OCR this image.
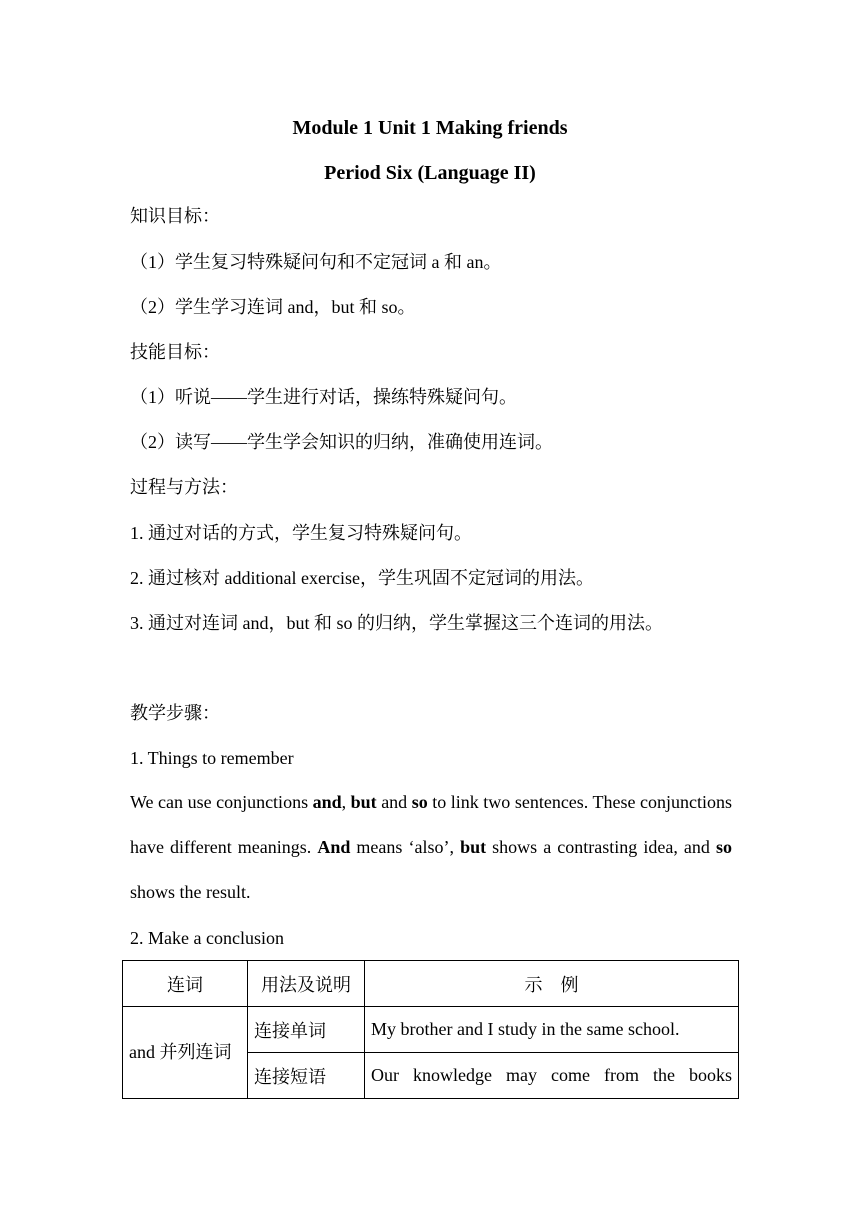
Module 1 Unit 1 Making friends
Period Six (Language II)
知识目标：
（1）学生复习特殊疑问句和不定冠词 a 和 an。
（2）学生学习连词 and，but 和 so。
技能目标：
（1）听说——学生进行对话，操练特殊疑问句。
（2）读写——学生学会知识的归纳，准确使用连词。
过程与方法：
1. 通过对话的方式，学生复习特殊疑问句。
2. 通过核对 additional exercise，学生巩固不定冠词的用法。
3. 通过对连词 and，but 和 so 的归纳，学生掌握这三个连词的用法。
教学步骤：
1. Things to remember
We can use conjunctions and, but and so to link two sentences. These conjunctions have different meanings. And means ‘also’, but shows a contrasting idea, and so shows the result.
2. Make a conclusion
连词	用法及说明	示　例
and 并列连词	连接单词	My brother and I study in the same school.
	连接短语	Our knowledge may come from the books
